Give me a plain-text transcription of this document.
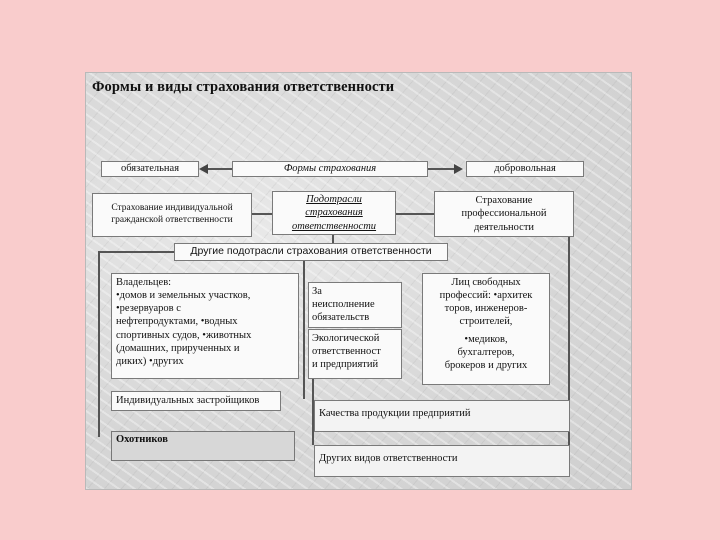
Формы и виды страхования ответственности
обязательная	Формы страхования	добровольная
Страхование индивидуальной
гражданской ответственности
Подотрасли
страхования
ответственности
Страхование
профессиональной
деятельности
Другие подотрасли страхования ответственности
Владельцев:
•домов и земельных участков,
•резервуаров с
нефтепродуктами, •водных
спортивных судов, •животных
(домашних, прирученных и
диких) •других
За
неисполнение
обязательств
Экологической
ответственност
и предприятий
Лиц свободных
профессий: •архитек
торов, инженеров-
строителей,
•медиков,
бухгалтеров,
брокеров и других
Индивидуальных застройщиков
Охотников
Качества продукции предприятий
Других видов ответственности
